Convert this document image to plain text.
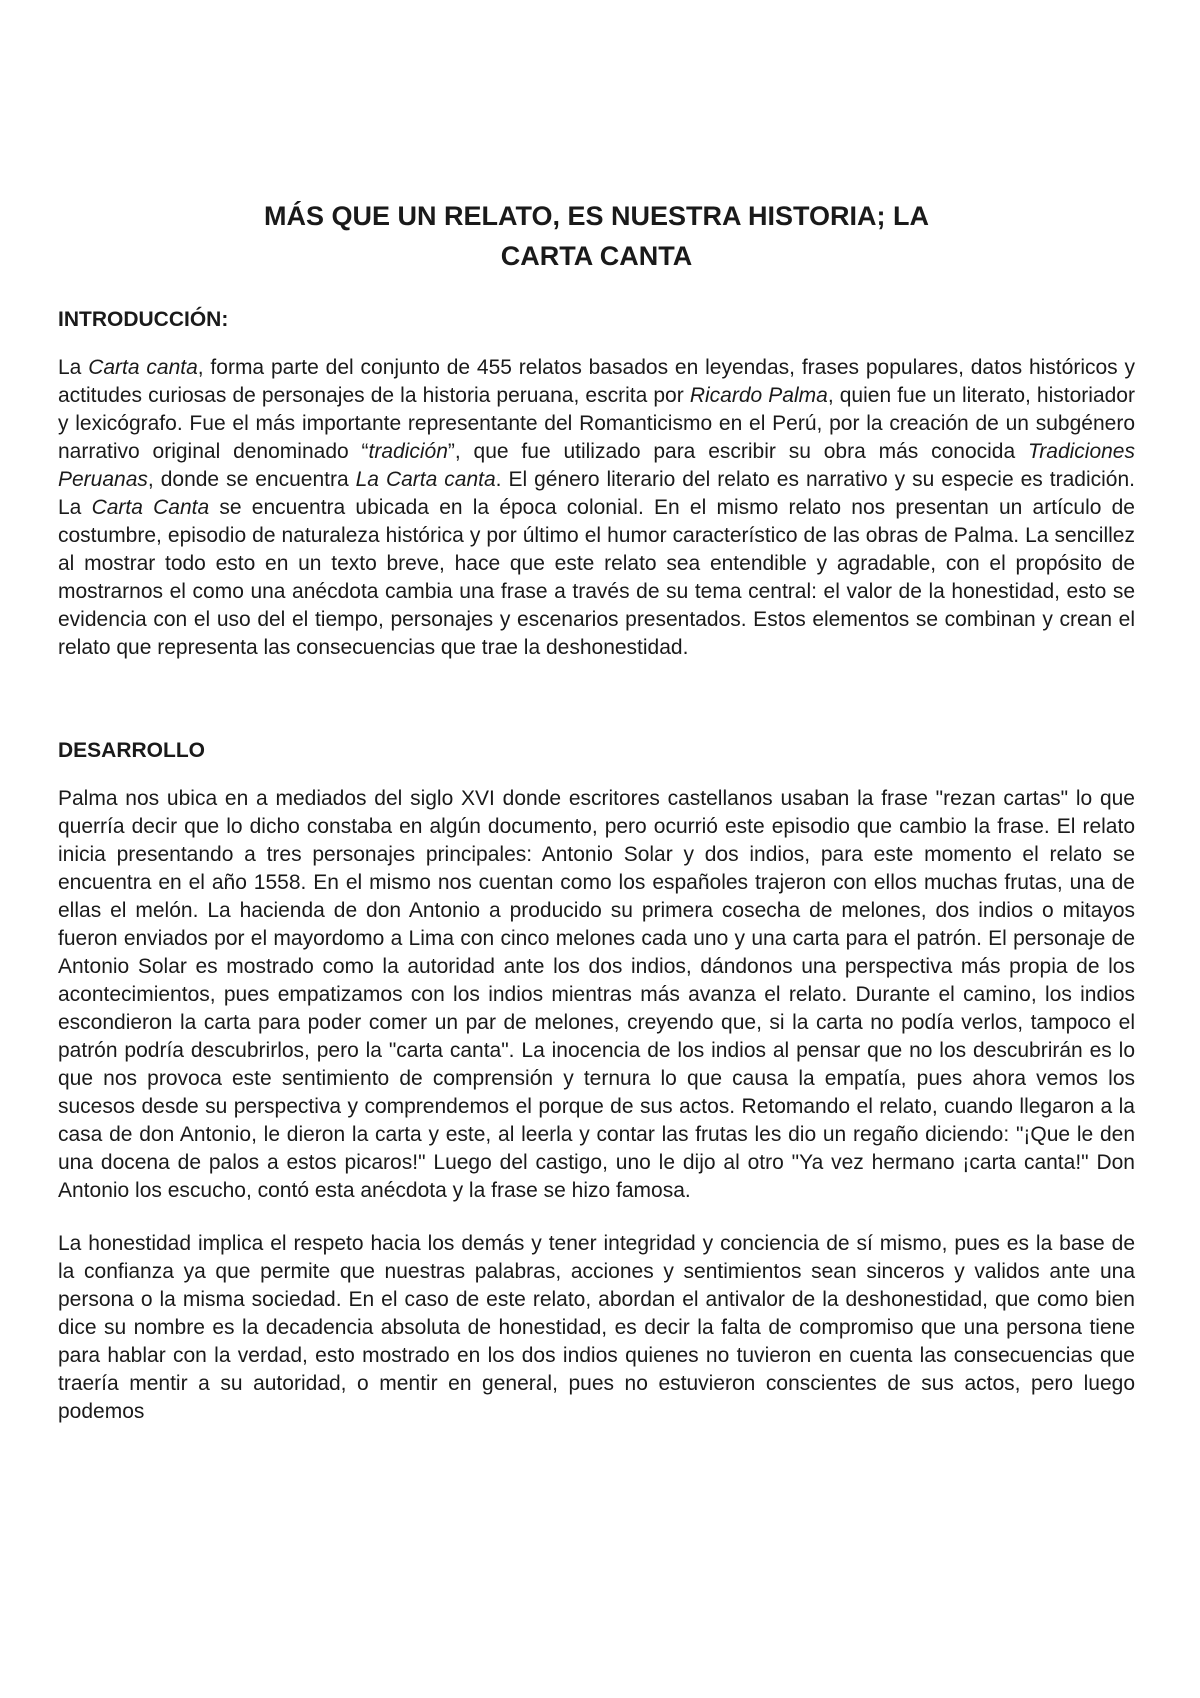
MÁS QUE UN RELATO, ES NUESTRA HISTORIA; LA
CARTA CANTA
INTRODUCCIÓN:

La Carta canta, forma parte del conjunto de 455 relatos basados en leyendas, frases populares, datos históricos y actitudes curiosas de personajes de la historia peruana, escrita por Ricardo Palma, quien fue un literato, historiador y lexicógrafo. Fue el más importante representante del Romanticismo en el Perú, por la creación de un subgénero narrativo original denominado “tradición”, que fue utilizado para escribir su obra más conocida Tradiciones Peruanas, donde se encuentra La Carta canta. El género literario del relato es narrativo y su especie es tradición. La Carta Canta se encuentra ubicada en la época colonial. En el mismo relato nos presentan un artículo de costumbre, episodio de naturaleza histórica y por último el humor característico de las obras de Palma. La sencillez al mostrar todo esto en un texto breve, hace que este relato sea entendible y agradable, con el propósito de mostrarnos el como una anécdota cambia una frase a través de su tema central: el valor de la honestidad, esto se evidencia con el uso del el tiempo, personajes y escenarios presentados. Estos elementos se combinan y crean el relato que representa las consecuencias que trae la deshonestidad.

DESARROLLO

Palma nos ubica en a mediados del siglo XVI donde escritores castellanos usaban la frase "rezan cartas" lo que querría decir que lo dicho constaba en algún documento, pero ocurrió este episodio que cambio la frase. El relato inicia presentando a tres personajes principales: Antonio Solar y dos indios, para este momento el relato se encuentra en el año 1558. En el mismo nos cuentan como los españoles trajeron con ellos muchas frutas, una de ellas el melón. La hacienda de don Antonio a producido su primera cosecha de melones, dos indios o mitayos fueron enviados por el mayordomo a Lima con cinco melones cada uno y una carta para el patrón. El personaje de Antonio Solar es mostrado como la autoridad ante los dos indios, dándonos una perspectiva más propia de los acontecimientos, pues empatizamos con los indios mientras más avanza el relato. Durante el camino, los indios escondieron la carta para poder comer un par de melones, creyendo que, si la carta no podía verlos, tampoco el patrón podría descubrirlos, pero la "carta canta". La inocencia de los indios al pensar que no los descubrirán es lo que nos provoca este sentimiento de comprensión y ternura lo que causa la empatía, pues ahora vemos los sucesos desde su perspectiva y comprendemos el porque de sus actos. Retomando el relato, cuando llegaron a la casa de don Antonio, le dieron la carta y este, al leerla y contar las frutas les dio un regaño diciendo: "¡Que le den una docena de palos a estos picaros!" Luego del castigo, uno le dijo al otro "Ya vez hermano ¡carta canta!" Don Antonio los escucho, contó esta anécdota y la frase se hizo famosa.

La honestidad implica el respeto hacia los demás y tener integridad y conciencia de sí mismo, pues es la base de la confianza ya que permite que nuestras palabras, acciones y sentimientos sean sinceros y validos ante una persona o la misma sociedad. En el caso de este relato, abordan el antivalor de la deshonestidad, que como bien dice su nombre es la decadencia absoluta de honestidad, es decir la falta de compromiso que una persona tiene para hablar con la verdad, esto mostrado en los dos indios quienes no tuvieron en cuenta las consecuencias que traería mentir a su autoridad, o mentir en general, pues no estuvieron conscientes de sus actos, pero luego podemos
